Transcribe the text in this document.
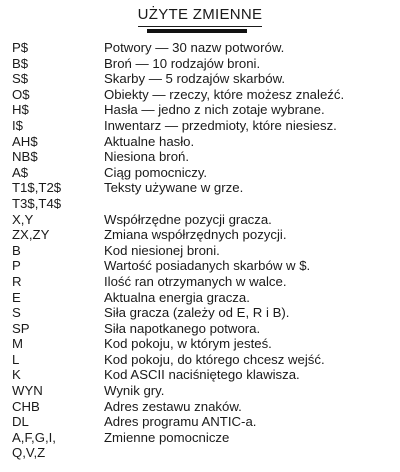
UŻYTE ZMIENNE
P$	Potwory — 30 nazw potworów.
B$	Broń — 10 rodzajów broni.
S$	Skarby — 5 rodzajów skarbów.
O$	Obiekty — rzeczy, które możesz znaleźć.
H$	Hasła — jedno z nich zotaje wybrane.
I$	Inwentarz — przedmioty, które niesiesz.
AH$	Aktualne hasło.
NB$	Niesiona broń.
A$	Ciąg pomocniczy.
T1$,T2$	Teksty używane w grze.
T3$,T4$
X,Y	Współrzędne pozycji gracza.
ZX,ZY	Zmiana współrzędnych pozycji.
B	Kod niesionej broni.
P	Wartość posiadanych skarbów w $.
R	Ilość ran otrzymanych w walce.
E	Aktualna energia gracza.
S	Siła gracza (zależy od E, R i B).
SP	Siła napotkanego potwora.
M	Kod pokoju, w którym jesteś.
L	Kod pokoju, do którego chcesz wejść.
K	Kod ASCII naciśniętego klawisza.
WYN	Wynik gry.
CHB	Adres zestawu znaków.
DL	Adres programu ANTIC-a.
A,F,G,I,	Zmienne pomocnicze
Q,V,Z
